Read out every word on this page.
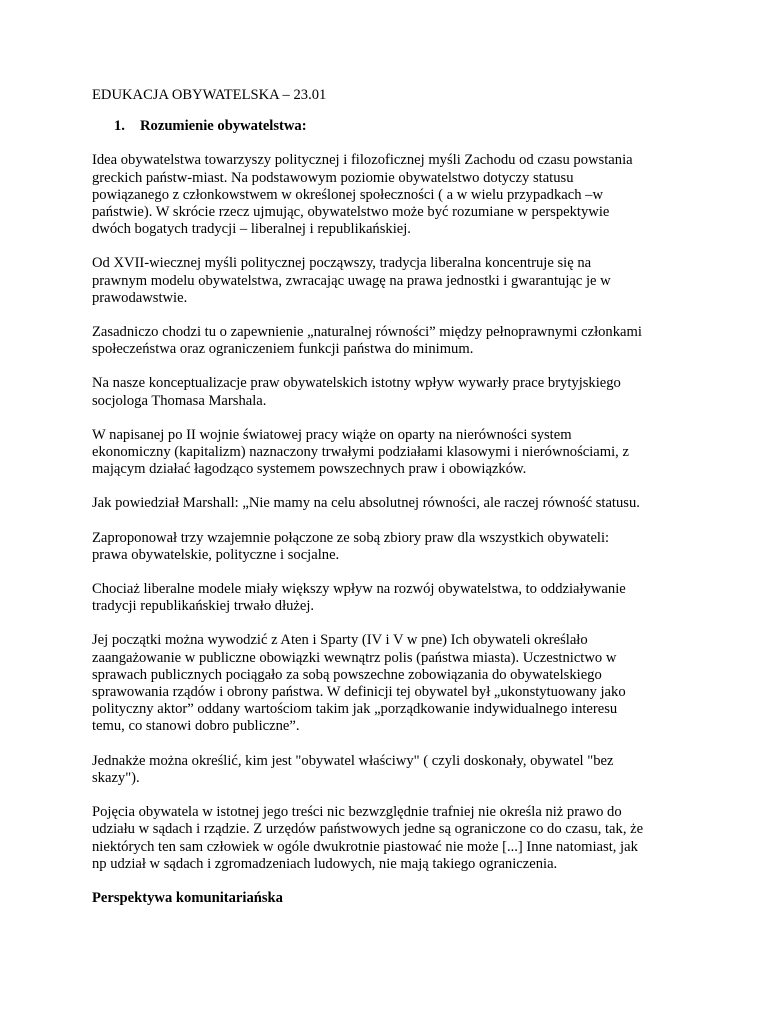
EDUKACJA OBYWATELSKA – 23.01
1. Rozumienie obywatelstwa:

Idea obywatelstwa towarzyszy politycznej i filozoficznej myśli Zachodu od czasu powstania
greckich państw-miast. Na podstawowym poziomie obywatelstwo dotyczy statusu
powiązanego z członkowstwem w określonej społeczności ( a w wielu przypadkach –w
państwie). W skrócie rzecz ujmując, obywatelstwo może być rozumiane w perspektywie
dwóch bogatych tradycji – liberalnej i republikańskiej.

Od XVII-wiecznej myśli politycznej począwszy, tradycja liberalna koncentruje się na
prawnym modelu obywatelstwa, zwracając uwagę na prawa jednostki i gwarantując je w
prawodawstwie.

Zasadniczo chodzi tu o zapewnienie „naturalnej równości” między pełnoprawnymi członkami
społeczeństwa oraz ograniczeniem funkcji państwa do minimum.

Na nasze konceptualizacje praw obywatelskich istotny wpływ wywarły prace brytyjskiego
socjologa Thomasa Marshala.

W napisanej po II wojnie światowej pracy wiąże on oparty na nierówności system
ekonomiczny (kapitalizm) naznaczony trwałymi podziałami klasowymi i nierównościami, z
mającym działać łagodząco systemem powszechnych praw i obowiązków.

Jak powiedział Marshall: „Nie mamy na celu absolutnej równości, ale raczej równość statusu.

Zaproponował trzy wzajemnie połączone ze sobą zbiory praw dla wszystkich obywateli:
prawa obywatelskie, polityczne i socjalne.

Chociaż liberalne modele miały większy wpływ na rozwój obywatelstwa, to oddziaływanie
tradycji republikańskiej trwało dłużej.

Jej początki można wywodzić z Aten i Sparty (IV i V w pne) Ich obywateli określało
zaangażowanie w publiczne obowiązki wewnątrz polis (państwa miasta). Uczestnictwo w
sprawach publicznych pociągało za sobą powszechne zobowiązania do obywatelskiego
sprawowania rządów i obrony państwa. W definicji tej obywatel był „ukonstytuowany jako
polityczny aktor” oddany wartościom takim jak „porządkowanie indywidualnego interesu
temu, co stanowi dobro publiczne”.

Jednakże można określić, kim jest "obywatel właściwy" ( czyli doskonały, obywatel "bez
skazy").

Pojęcia obywatela w istotnej jego treści nic bezwzględnie trafniej nie określa niż prawo do
udziału w sądach i rządzie. Z urzędów państwowych jedne są ograniczone co do czasu, tak, że
niektórych ten sam człowiek w ogóle dwukrotnie piastować nie może [...] Inne natomiast, jak
np udział w sądach i zgromadzeniach ludowych, nie mają takiego ograniczenia.

Perspektywa komunitariańska
